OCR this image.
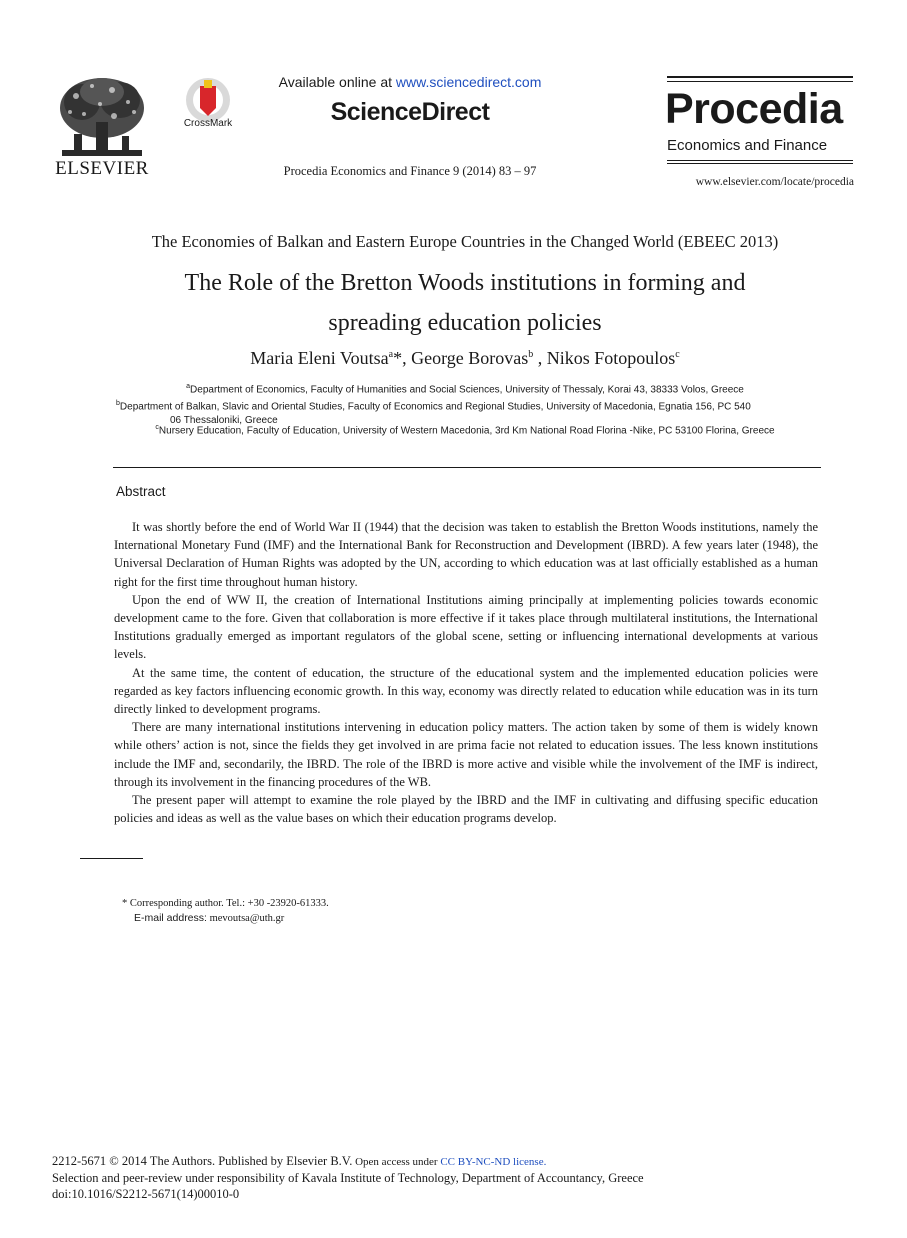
ELSEVIER
CrossMark
Available online at www.sciencedirect.com
ScienceDirect
Procedia Economics and Finance 9 (2014) 83 – 97
Procedia
Economics and Finance
www.elsevier.com/locate/procedia
The Economies of Balkan and Eastern Europe Countries in the Changed World (EBEEC 2013)
The Role of the Bretton Woods institutions in forming and
spreading education policies
Maria Eleni Voutsa$^a$*, George Borovas$^b$ , Nikos Fotopoulos$^c$
$^a$Department of Economics, Faculty of Humanities and Social Sciences, University of Thessaly, Korai 43, 38333 Volos, Greece
$^b$Department of Balkan, Slavic and Oriental Studies, Faculty of Economics and Regional Studies, University of Macedonia, Egnatia 156, PC 540
06 Thessaloniki, Greece
$^c$Nursery Education, Faculty of Education, University of Western Macedonia, 3rd Km National Road Florina -Nike, PC 53100 Florina, Greece
Abstract

It was shortly before the end of World War II (1944) that the decision was taken to establish the Bretton Woods institutions, namely the International Monetary Fund (IMF) and the International Bank for Reconstruction and Development (IBRD). A few years later (1948), the Universal Declaration of Human Rights was adopted by the UN, according to which education was at last officially established as a human right for the first time throughout human history.

Upon the end of WW II, the creation of International Institutions aiming principally at implementing policies towards economic development came to the fore. Given that collaboration is more effective if it takes place through multilateral institutions, the International Institutions gradually emerged as important regulators of the global scene, setting or influencing international developments at various levels.

At the same time, the content of education, the structure of the educational system and the implemented education policies were regarded as key factors influencing economic growth. In this way, economy was directly related to education while education was in its turn directly linked to development programs.

There are many international institutions intervening in education policy matters. The action taken by some of them is widely known while others’ action is not, since the fields they get involved in are prima facie not related to education issues. The less known institutions include the IMF and, secondarily, the IBRD. The role of the IBRD is more active and visible while the involvement of the IMF is indirect, through its involvement in the financing procedures of the WB.

The present paper will attempt to examine the role played by the IBRD and the IMF in cultivating and diffusing specific education policies and ideas as well as the value bases on which their education programs develop.

* Corresponding author. Tel.: +30 -23920-61333.
E-mail address: mevoutsa@uth.gr
2212-5671 © 2014 The Authors. Published by Elsevier B.V. Open access under CC BY-NC-ND license.
Selection and peer-review under responsibility of Kavala Institute of Technology, Department of Accountancy, Greece
doi:10.1016/S2212-5671(14)00010-0
